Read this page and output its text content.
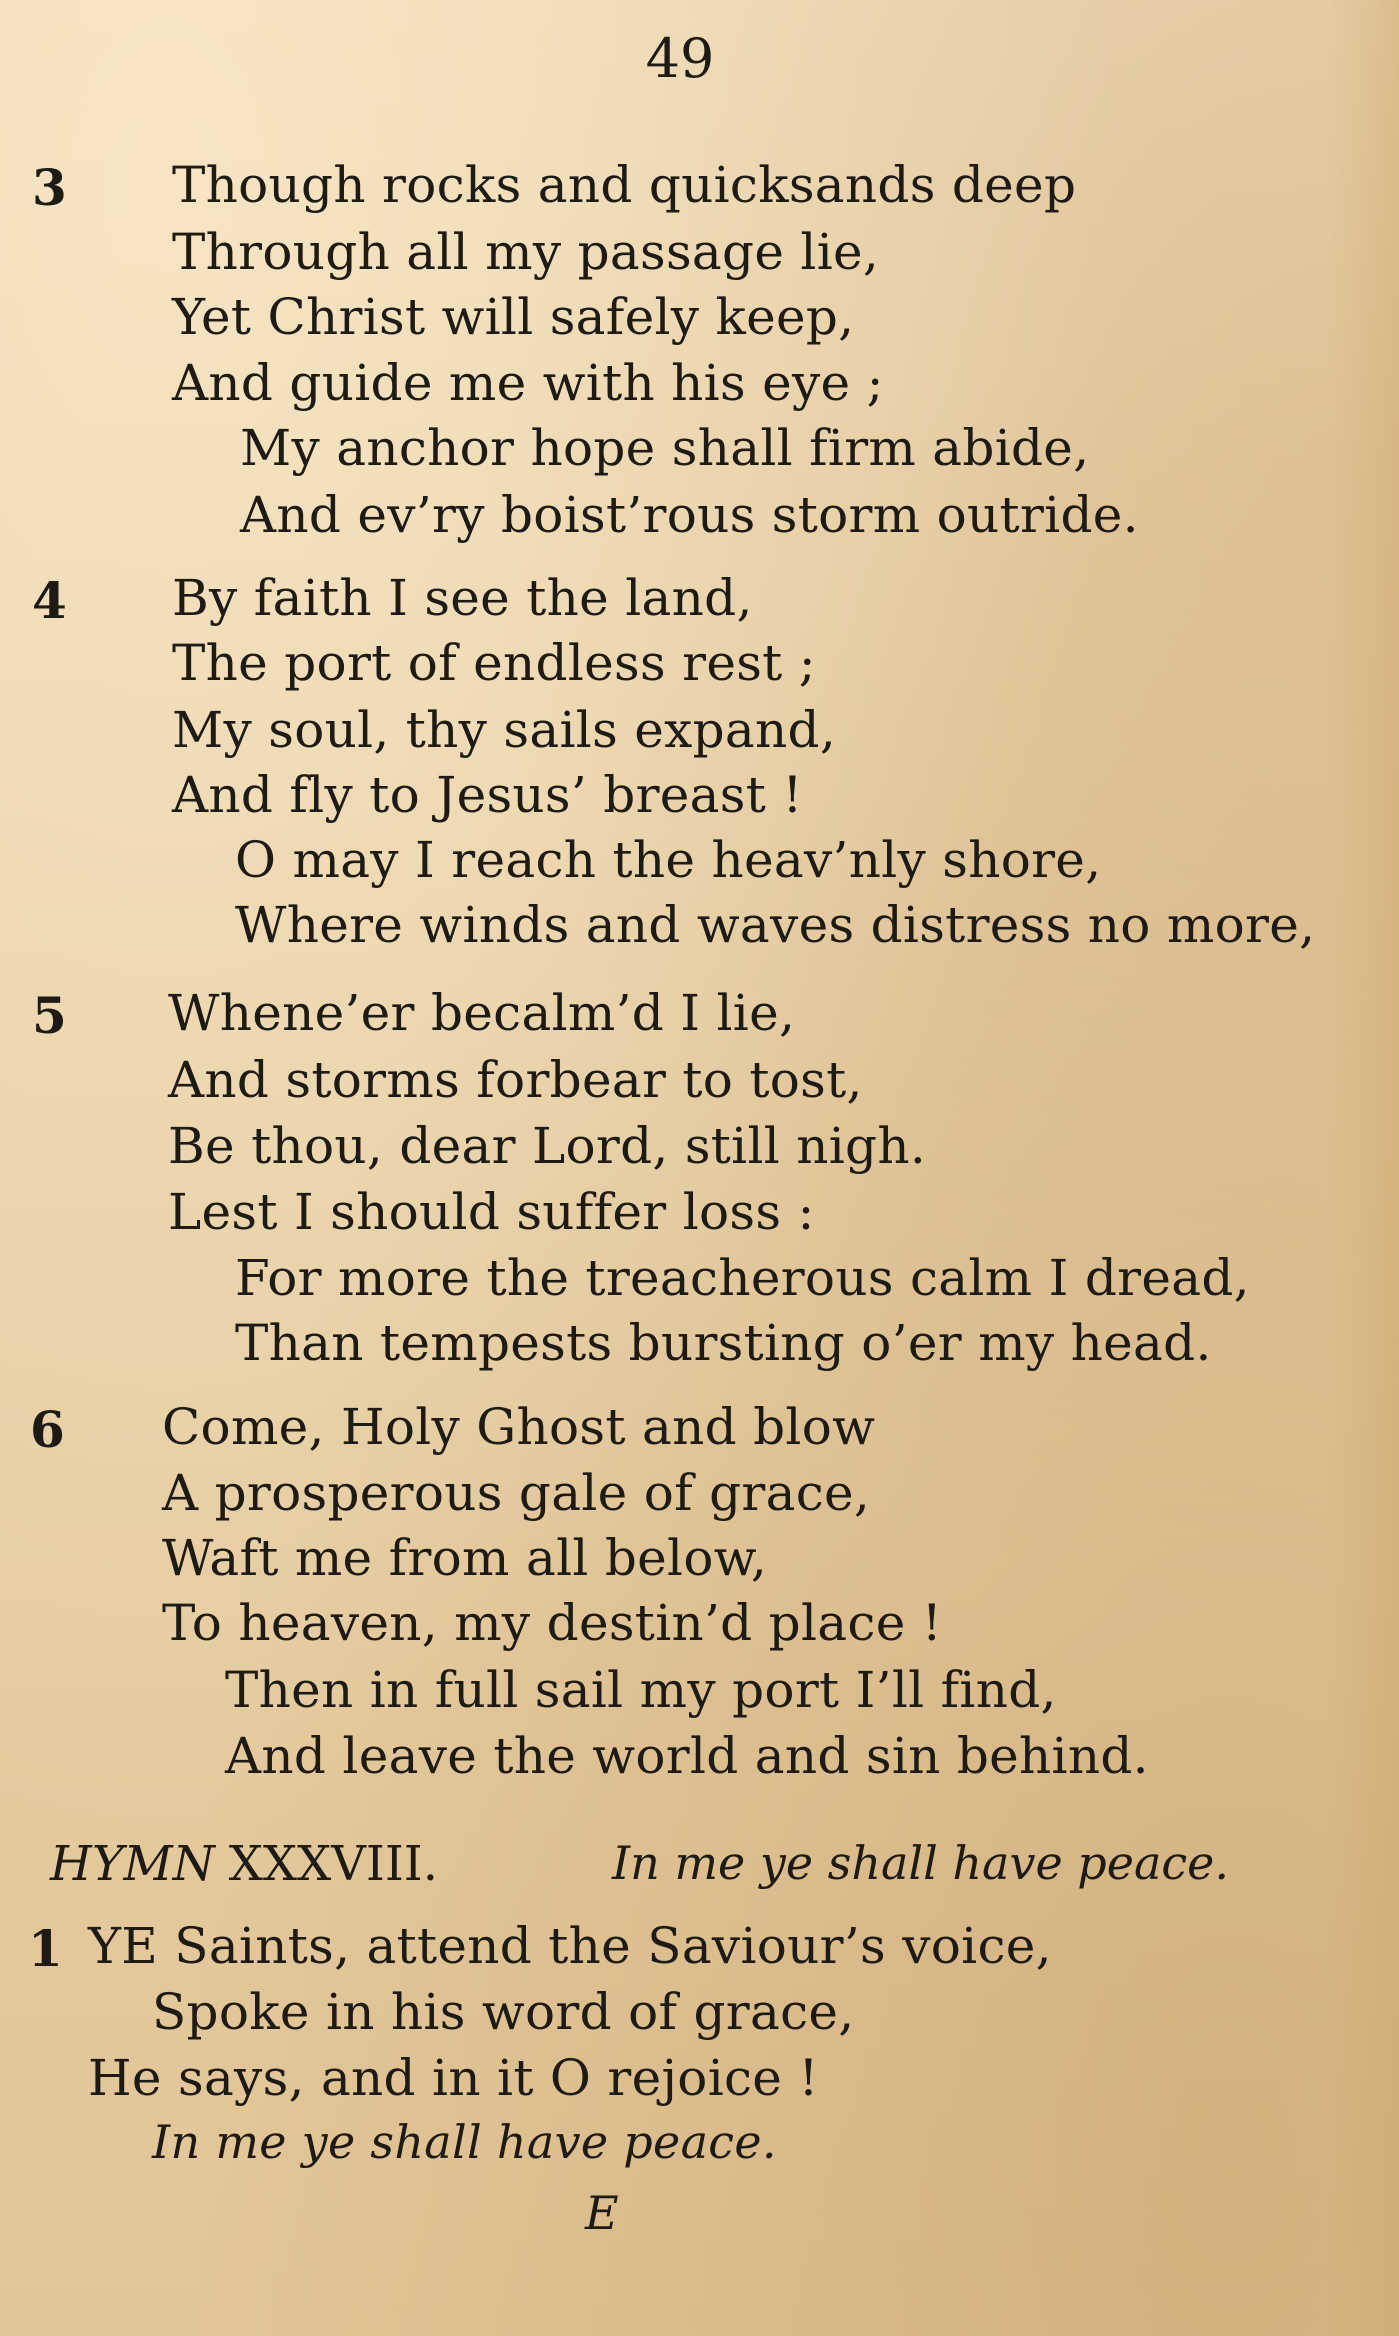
49
3 Though rocks and quicksands deep
Through all my passage lie,
Yet Christ will safely keep,
And guide me with his eye ;
My anchor hope shall firm abide,
And ev’ry boist’rous storm outride.
4 By faith I see the land,
The port of endless rest ;
My soul, thy sails expand,
And fly to Jesus’ breast !
O may I reach the heav’nly shore,
Where winds and waves distress no more,
5 Whene’er becalm’d I lie,
And storms forbear to tost,
Be thou, dear Lord, still nigh.
Lest I should suffer loss :
For more the treacherous calm I dread,
Than tempests bursting o’er my head.
6 Come, Holy Ghost and blow
A prosperous gale of grace,
Waft me from all below,
To heaven, my destin’d place !
Then in full sail my port I’ll find,
And leave the world and sin behind.
HYMN XXXVIII.	In me ye shall have peace.
1 YE Saints, attend the Saviour’s voice,
Spoke in his word of grace,
He says, and in it O rejoice !
In me ye shall have peace.
E
